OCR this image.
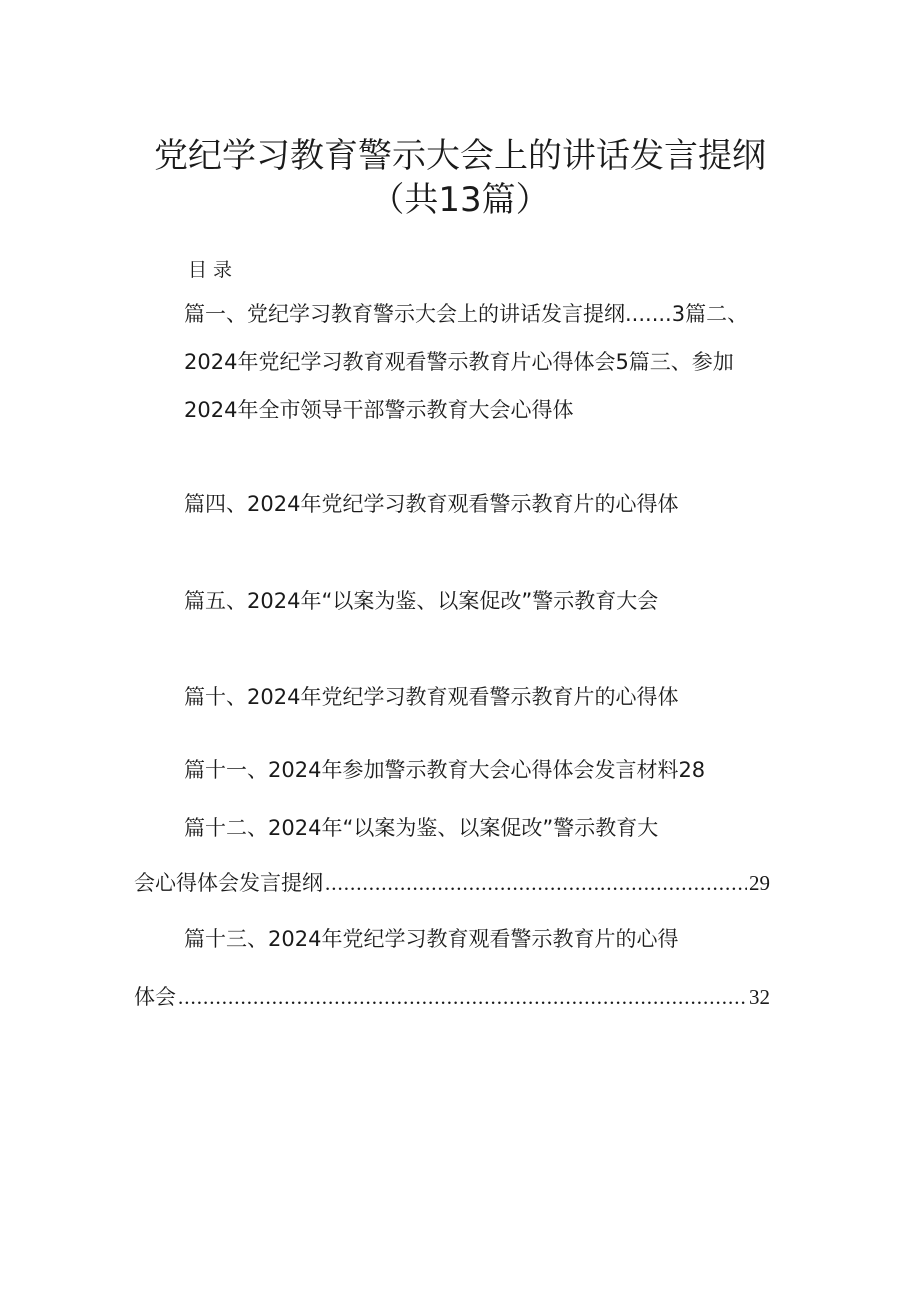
党纪学习教育警示大会上的讲话发言提纲
（共13篇）
目录
篇一、党纪学习教育警示大会上的讲话发言提纲.......3篇二、
2024年党纪学习教育观看警示教育片心得体会5篇三、参加
2024年全市领导干部警示教育大会心得体
篇四、2024年党纪学习教育观看警示教育片的心得体
篇五、2024年“以案为鉴、以案促改”警示教育大会
篇十、2024年党纪学习教育观看警示教育片的心得体
篇十一、2024年参加警示教育大会心得体会发言材料28
篇十二、2024年“以案为鉴、以案促改”警示教育大
会心得体会发言提纲 .....	29
篇十三、2024年党纪学习教育观看警示教育片的心得
体会 .....	32
